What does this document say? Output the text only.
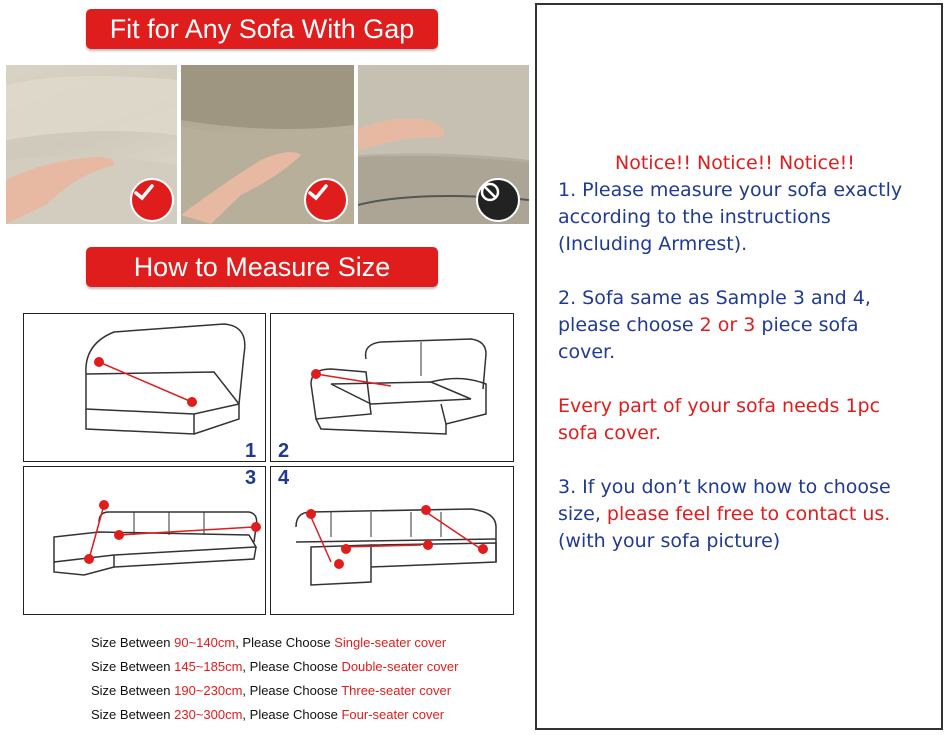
Fit for Any Sofa With Gap
How to Measure Size
1 2
3 4
Size Between 90~140cm, Please Choose Single-seater cover
Size Between 145~185cm, Please Choose Double-seater cover
Size Between 190~230cm, Please Choose Three-seater cover
Size Between 230~300cm, Please Choose Four-seater cover
Notice!! Notice!! Notice!!
1. Please measure your sofa exactly
according to the instructions
(Including Armrest).
2. Sofa same as Sample 3 and 4,
please choose 2 or 3 piece sofa
cover.
Every part of your sofa needs 1pc
sofa cover.
3. If you don’t know how to choose
size, please feel free to contact us.
(with your sofa picture)
